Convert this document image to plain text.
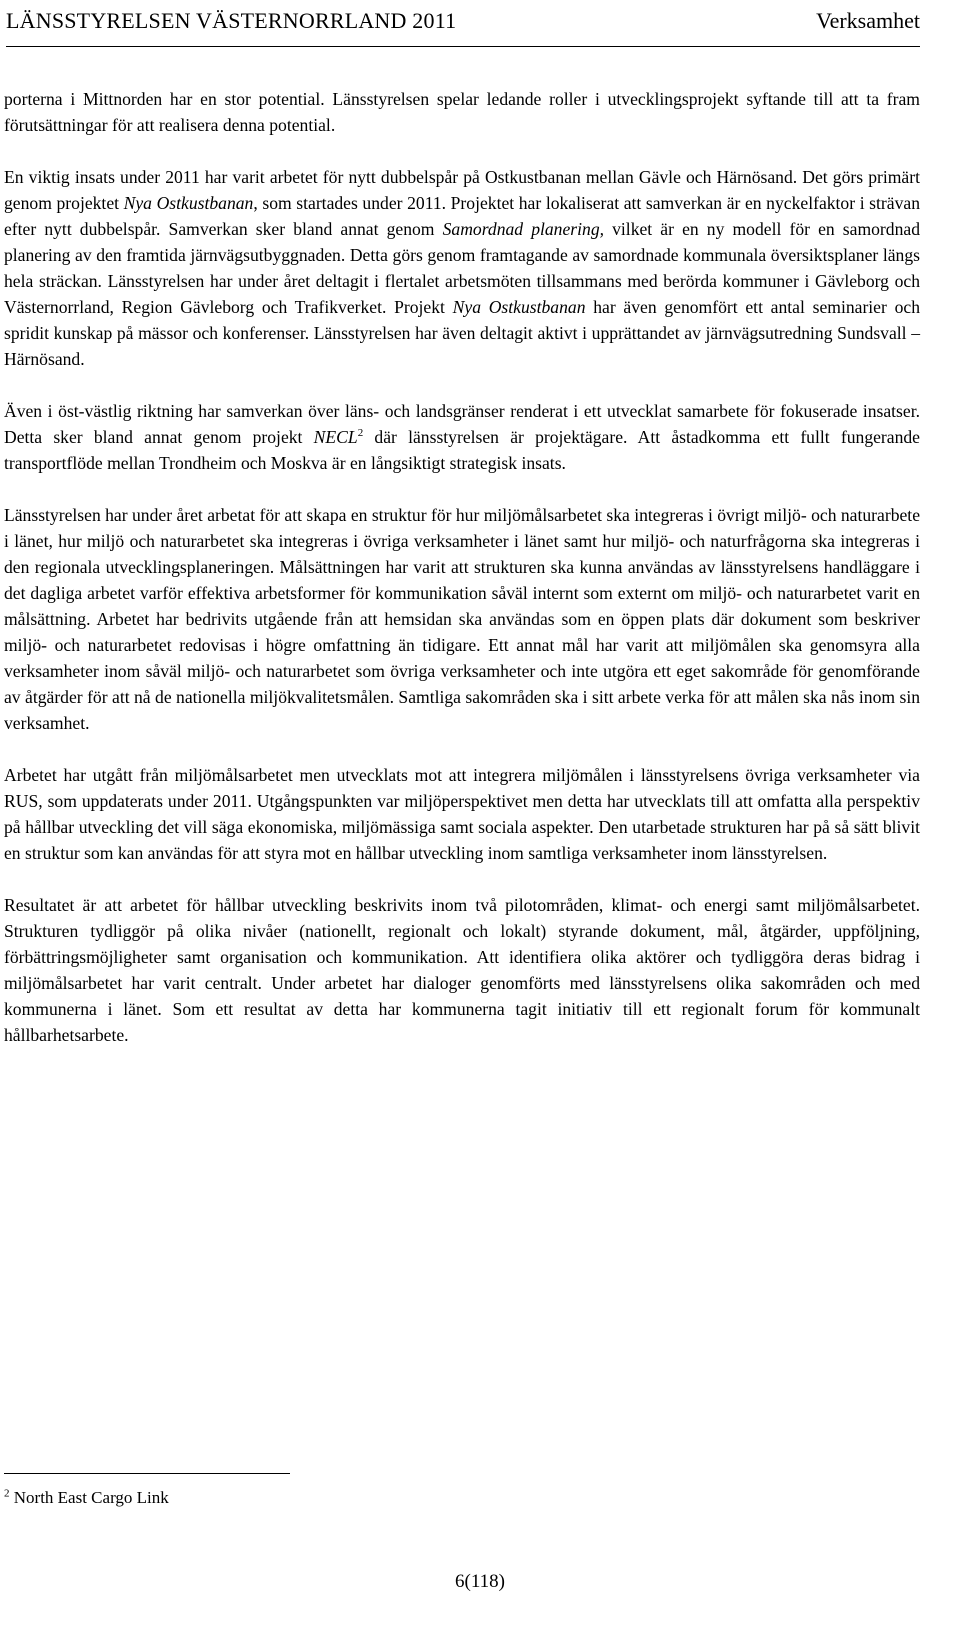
LÄNSSTYRELSEN VÄSTERNORRLAND 2011	Verksamhet

porterna i Mittnorden har en stor potential. Länsstyrelsen spelar ledande roller i utvecklingsprojekt syftande till att ta fram förutsättningar för att realisera denna potential.

En viktig insats under 2011 har varit arbetet för nytt dubbelspår på Ostkustbanan mellan Gävle och Härnösand. Det görs primärt genom projektet Nya Ostkustbanan, som startades under 2011. Projektet har lokaliserat att samverkan är en nyckelfaktor i strävan efter nytt dubbelspår. Samverkan sker bland annat genom Samordnad planering, vilket är en ny modell för en samordnad planering av den framtida järnvägsutbyggnaden. Detta görs genom framtagande av samordnade kommunala översiktsplaner längs hela sträckan. Länsstyrelsen har under året deltagit i flertalet arbetsmöten tillsammans med berörda kommuner i Gävleborg och Västernorrland, Region Gävleborg och Trafikverket. Projekt Nya Ostkustbanan har även genomfört ett antal seminarier och spridit kunskap på mässor och konferenser. Länsstyrelsen har även deltagit aktivt i upprättandet av järnvägsutredning Sundsvall – Härnösand.

Även i öst-västlig riktning har samverkan över läns- och landsgränser renderat i ett utvecklat samarbete för fokuserade insatser. Detta sker bland annat genom projekt NECL$^2$ där länsstyrelsen är projektägare. Att åstadkomma ett fullt fungerande transportflöde mellan Trondheim och Moskva är en långsiktigt strategisk insats.

Länsstyrelsen har under året arbetat för att skapa en struktur för hur miljömålsarbetet ska integreras i övrigt miljö- och naturarbete i länet, hur miljö och naturarbetet ska integreras i övriga verksamheter i länet samt hur miljö- och naturfrågorna ska integreras i den regionala utvecklingsplaneringen. Målsättningen har varit att strukturen ska kunna användas av länsstyrelsens handläggare i det dagliga arbetet varför effektiva arbetsformer för kommunikation såväl internt som externt om miljö- och naturarbetet varit en målsättning. Arbetet har bedrivits utgående från att hemsidan ska användas som en öppen plats där dokument som beskriver miljö- och naturarbetet redovisas i högre omfattning än tidigare. Ett annat mål har varit att miljömålen ska genomsyra alla verksamheter inom såväl miljö- och naturarbetet som övriga verksamheter och inte utgöra ett eget sakområde för genomförande av åtgärder för att nå de nationella miljökvalitetsmålen. Samtliga sakområden ska i sitt arbete verka för att målen ska nås inom sin verksamhet.

Arbetet har utgått från miljömålsarbetet men utvecklats mot att integrera miljömålen i länsstyrelsens övriga verksamheter via RUS, som uppdaterats under 2011. Utgångspunkten var miljöperspektivet men detta har utvecklats till att omfatta alla perspektiv på hållbar utveckling det vill säga ekonomiska, miljömässiga samt sociala aspekter. Den utarbetade strukturen har på så sätt blivit en struktur som kan användas för att styra mot en hållbar utveckling inom samtliga verksamheter inom länsstyrelsen.

Resultatet är att arbetet för hållbar utveckling beskrivits inom två pilotområden, klimat- och energi samt miljömålsarbetet. Strukturen tydliggör på olika nivåer (nationellt, regionalt och lokalt) styrande dokument, mål, åtgärder, uppföljning, förbättringsmöjligheter samt organisation och kommunikation. Att identifiera olika aktörer och tydliggöra deras bidrag i miljömålsarbetet har varit centralt. Under arbetet har dialoger genomförts med länsstyrelsens olika sakområden och med kommunerna i länet. Som ett resultat av detta har kommunerna tagit initiativ till ett regionalt forum för kommunalt hållbarhetsarbete.

$^2$ North East Cargo Link
6(118)
